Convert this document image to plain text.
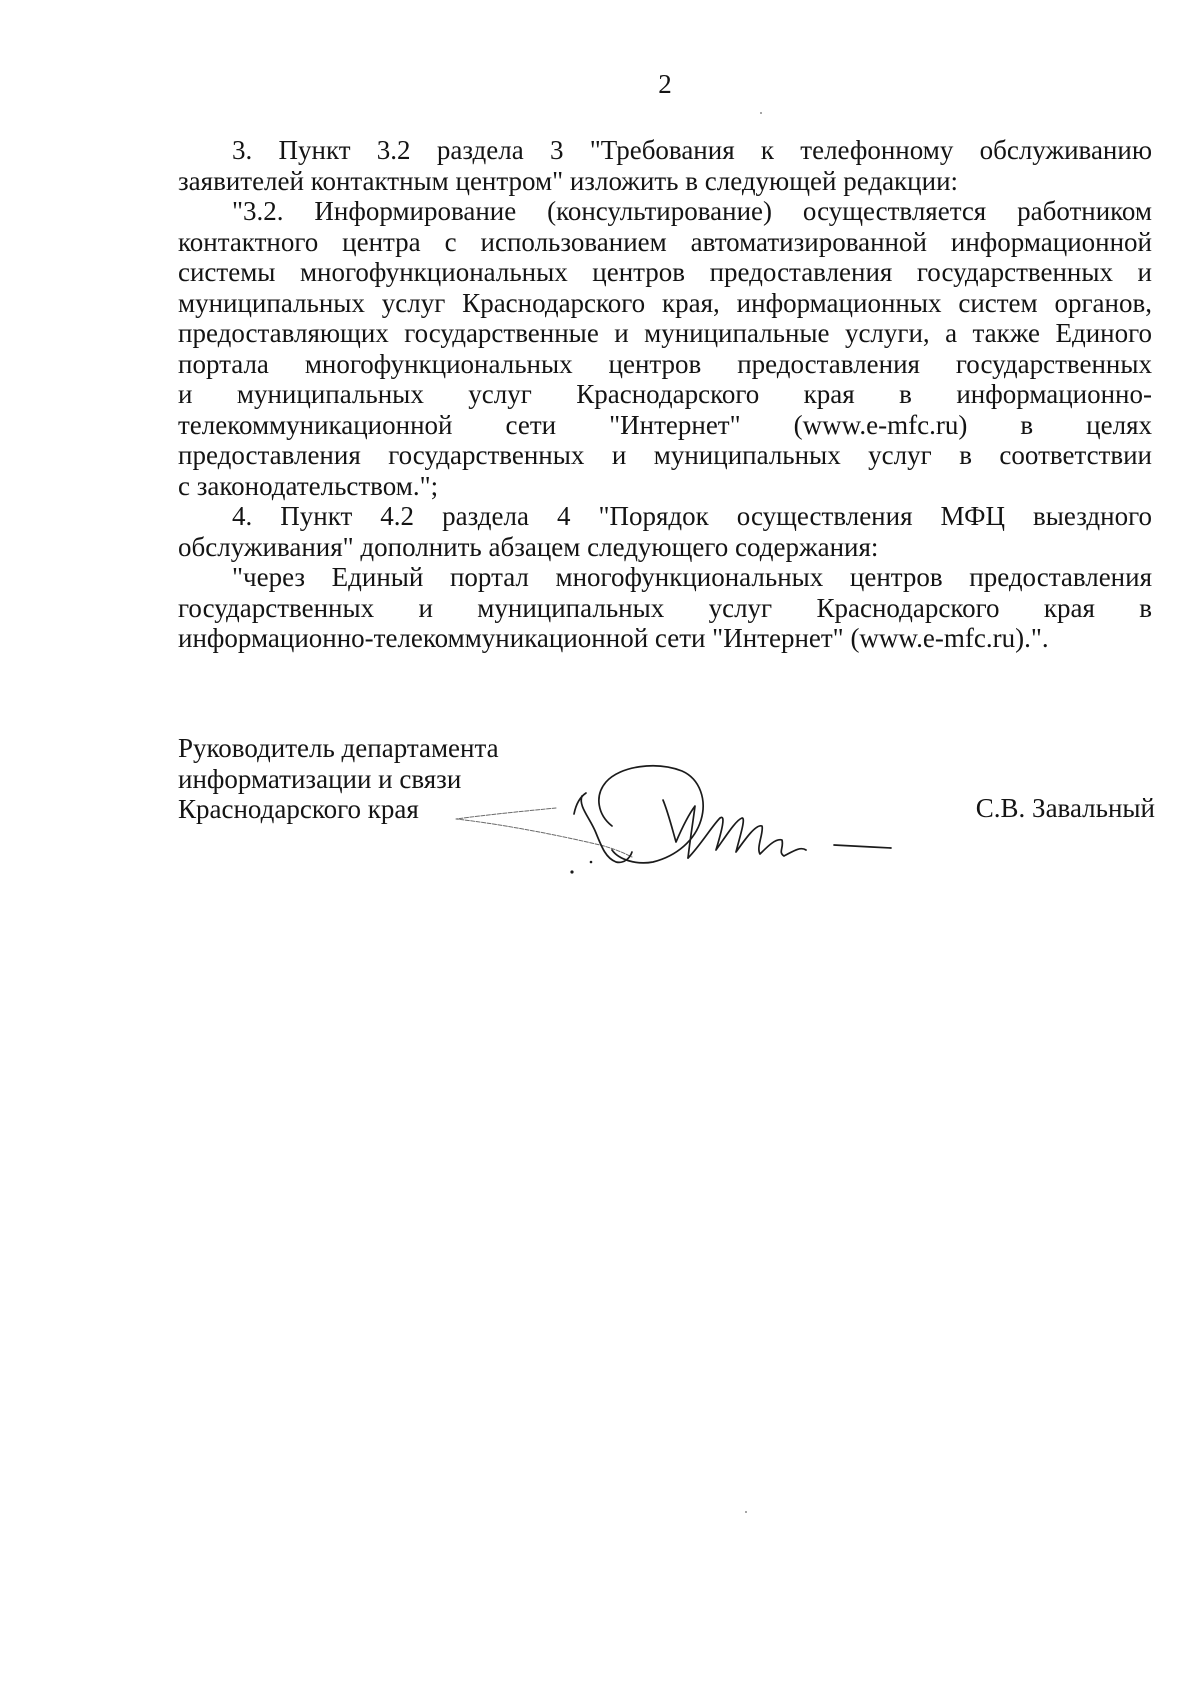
2
3. Пункт 3.2 раздела 3 "Требования к телефонному обслуживанию
заявителей контактным центром" изложить в следующей редакции:
"3.2. Информирование (консультирование) осуществляется работником
контактного центра с использованием автоматизированной информационной
системы многофункциональных центров предоставления государственных и
муниципальных услуг Краснодарского края, информационных систем органов,
предоставляющих государственные и муниципальные услуги, а также Единого
портала многофункциональных центров предоставления государственных
и муниципальных услуг Краснодарского края в информационно-
телекоммуникационной сети "Интернет" (www.e-mfc.ru) в целях
предоставления государственных и муниципальных услуг в соответствии
с законодательством.";
4. Пункт 4.2 раздела 4 "Порядок осуществления МФЦ выездного
обслуживания" дополнить абзацем следующего содержания:
"через Единый портал многофункциональных центров предоставления
государственных и муниципальных услуг Краснодарского края в
информационно-телекоммуникационной сети "Интернет" (www.e-mfc.ru).".
Руководитель департамента
информатизации и связи
Краснодарского края	С.В. Завальный
